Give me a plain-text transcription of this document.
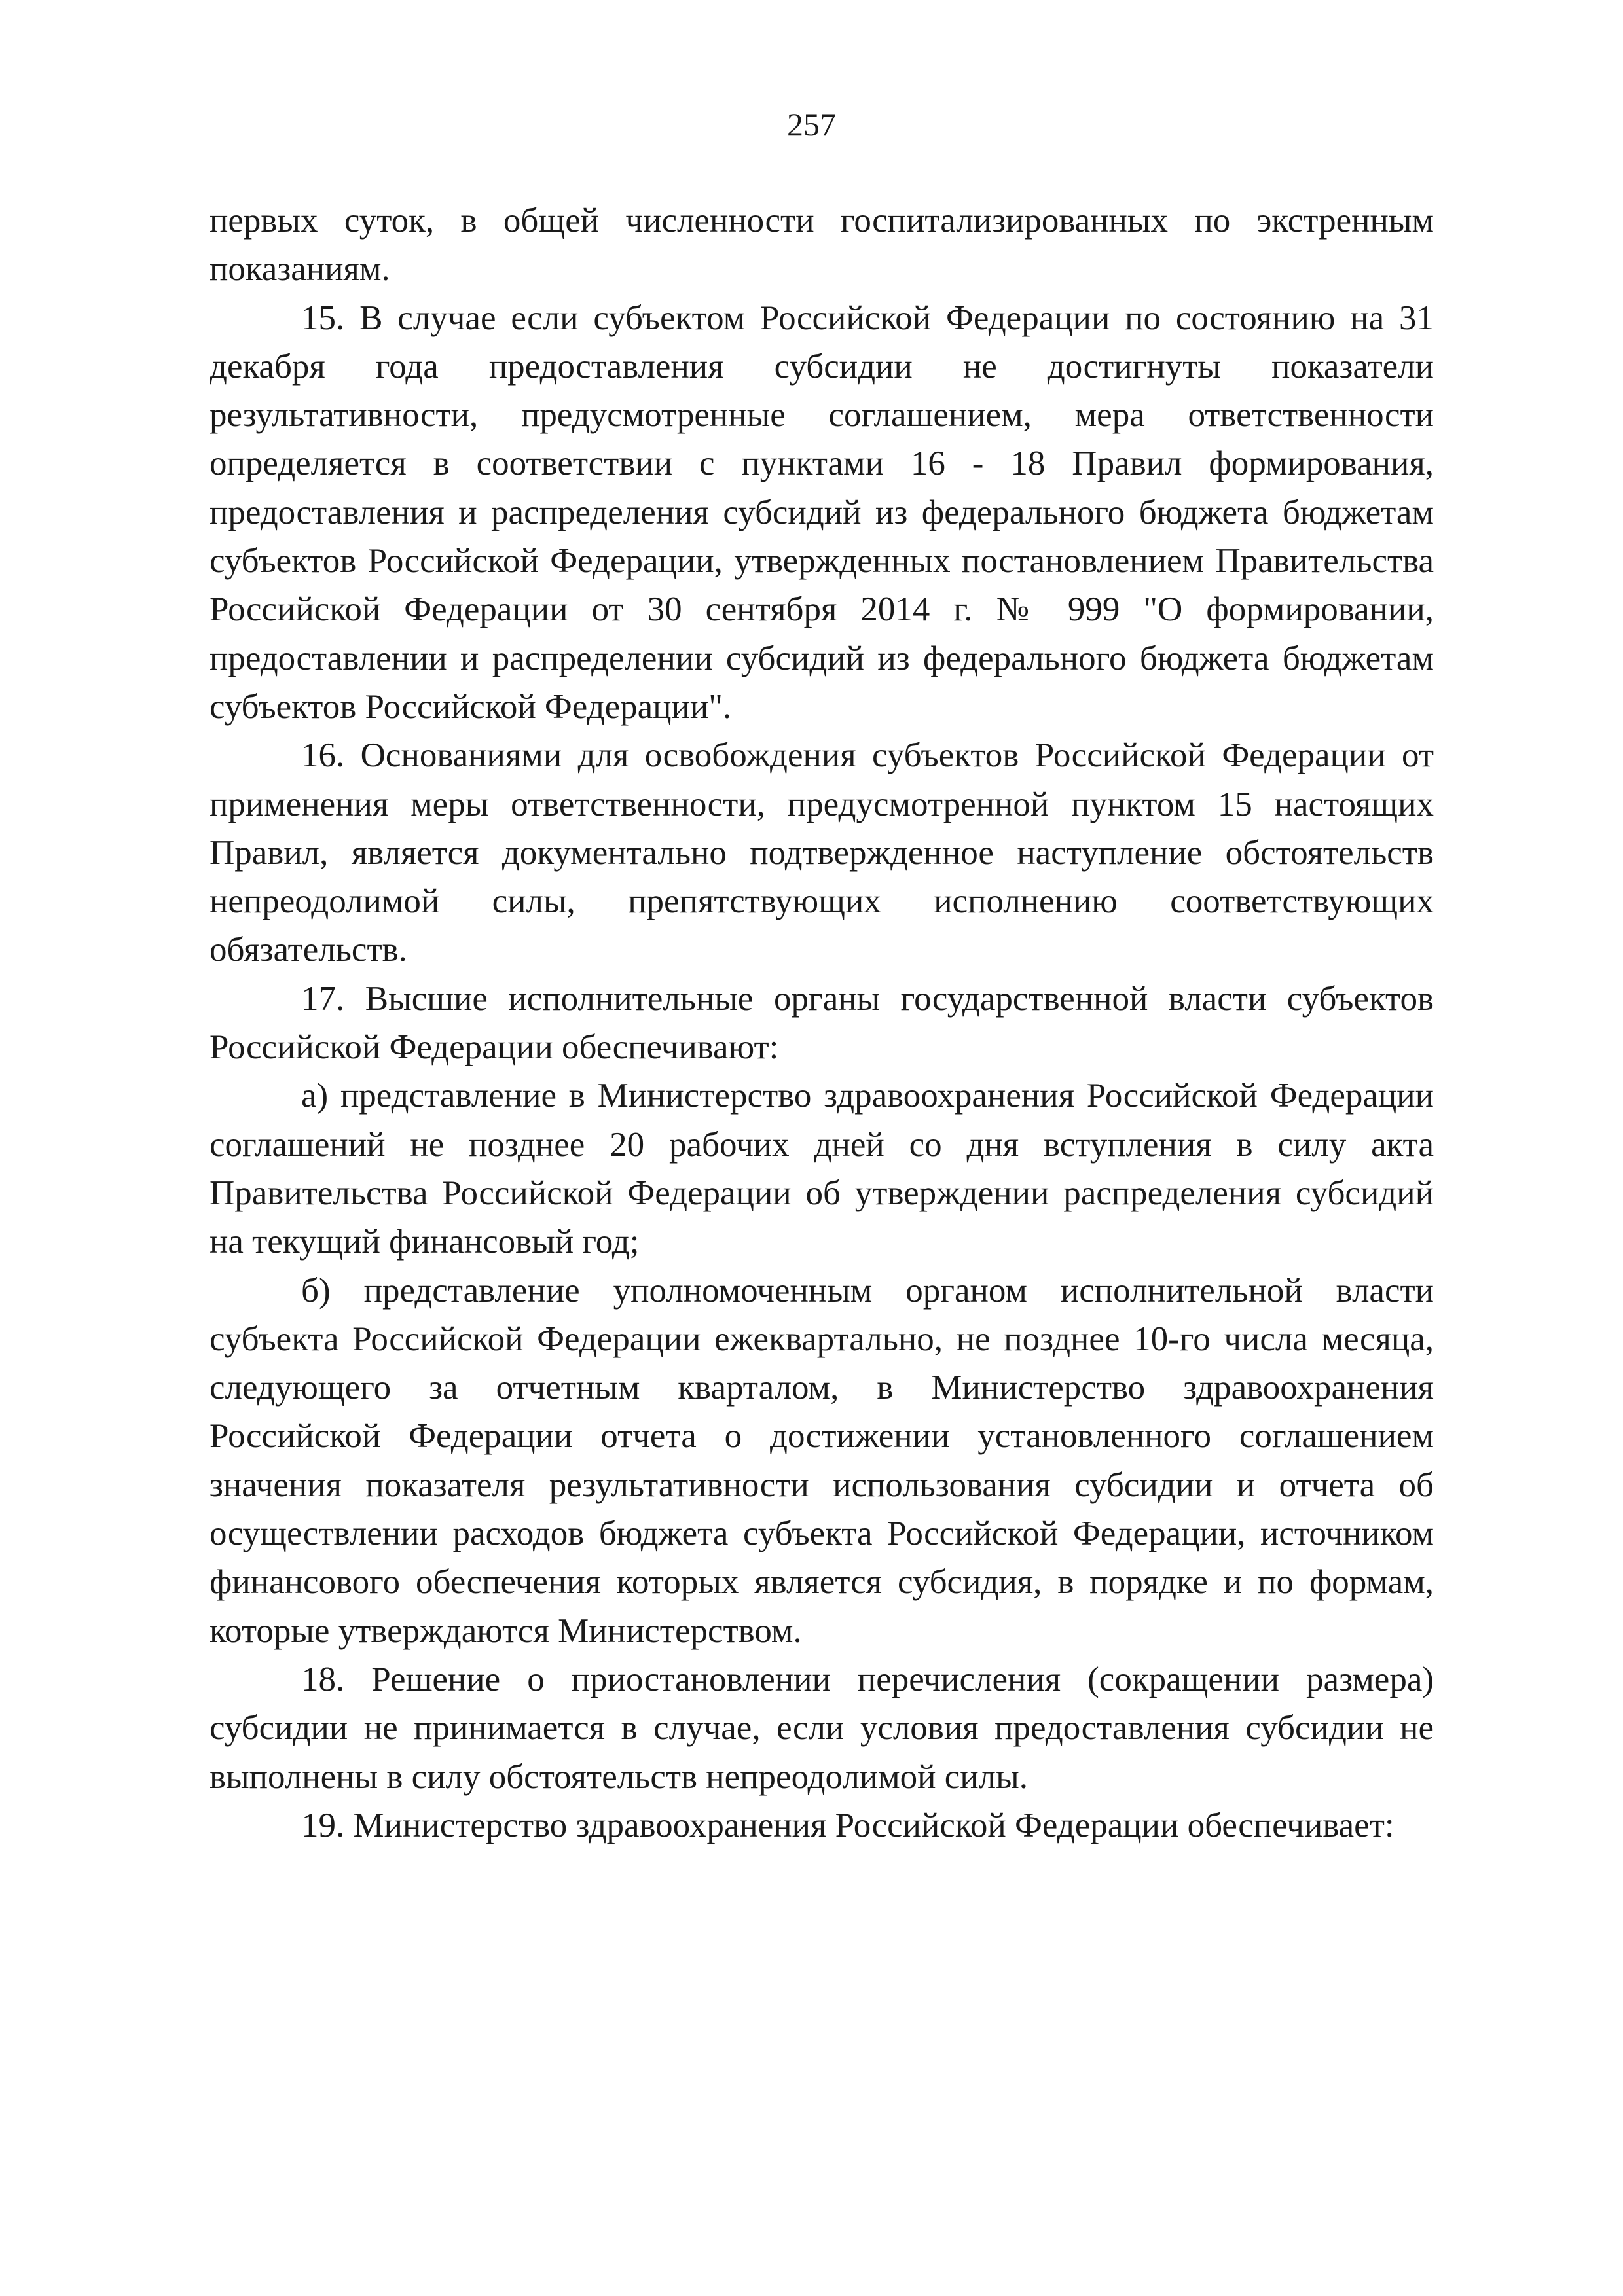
257

первых суток, в общей численности госпитализированных по экстренным показаниям.

15. В случае если субъектом Российской Федерации по состоянию на 31 декабря года предоставления субсидии не достигнуты показатели результативности, предусмотренные соглашением, мера ответственности определяется в соответствии с пунктами 16 - 18 Правил формирования, предоставления и распределения субсидий из федерального бюджета бюджетам субъектов Российской Федерации, утвержденных постановлением Правительства Российской Федерации от 30 сентября 2014 г. № 999 "О формировании, предоставлении и распределении субсидий из федерального бюджета бюджетам субъектов Российской Федерации".

16. Основаниями для освобождения субъектов Российской Федерации от применения меры ответственности, предусмотренной пунктом 15 настоящих Правил, является документально подтвержденное наступление обстоятельств непреодолимой силы, препятствующих исполнению соответствующих обязательств.

17. Высшие исполнительные органы государственной власти субъектов Российской Федерации обеспечивают:

а) представление в Министерство здравоохранения Российской Федерации соглашений не позднее 20 рабочих дней со дня вступления в силу акта Правительства Российской Федерации об утверждении распределения субсидий на текущий финансовый год;

б) представление уполномоченным органом исполнительной власти субъекта Российской Федерации ежеквартально, не позднее 10-го числа месяца, следующего за отчетным кварталом, в Министерство здравоохранения Российской Федерации отчета о достижении установленного соглашением значения показателя результативности использования субсидии и отчета об осуществлении расходов бюджета субъекта Российской Федерации, источником финансового обеспечения которых является субсидия, в порядке и по формам, которые утверждаются Министерством.

18. Решение о приостановлении перечисления (сокращении размера) субсидии не принимается в случае, если условия предоставления субсидии не выполнены в силу обстоятельств непреодолимой силы.

19. Министерство здравоохранения Российской Федерации обеспечивает:
